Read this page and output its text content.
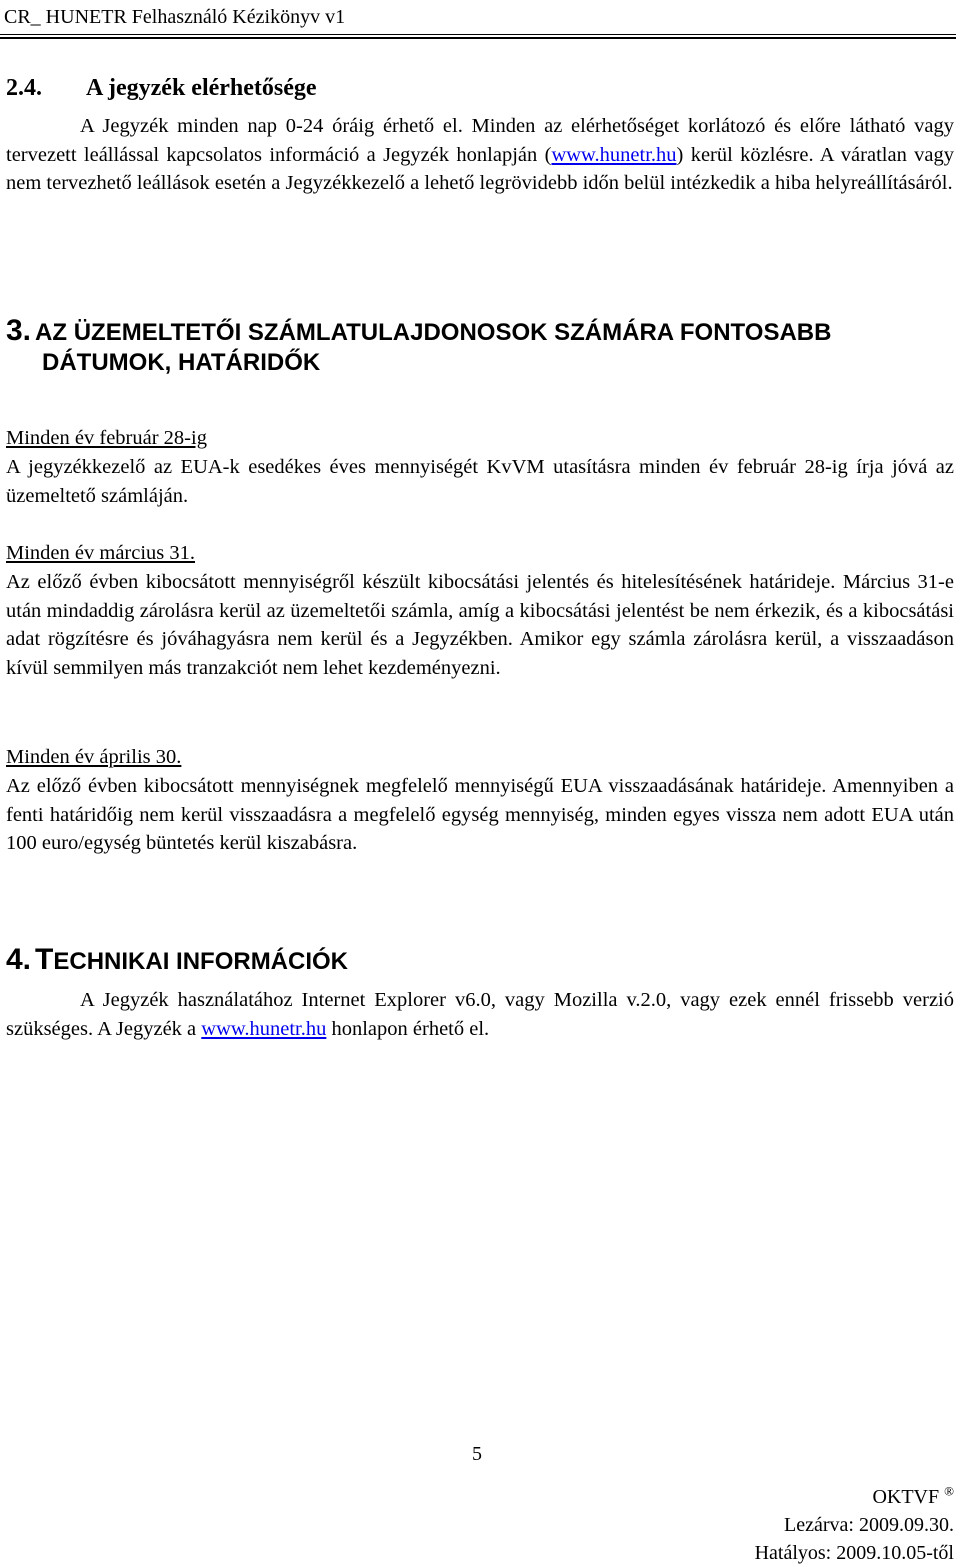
CR_ HUNETR Felhasználó Kézikönyv v1
2.4. A jegyzék elérhetősége
A Jegyzék minden nap 0-24 óráig érhető el. Minden az elérhetőséget korlátozó és előre látható vagy tervezett leállással kapcsolatos információ a Jegyzék honlapján (www.hunetr.hu) kerül közlésre. A váratlan vagy nem tervezhető leállások esetén a Jegyzékkezelő a lehető legrövidebb időn belül intézkedik a hiba helyreállításáról.
3. AZ ÜZEMELTETŐI SZÁMLATULAJDONOSOK SZÁMÁRA FONTOSABB
DÁTUMOK, HATÁRIDŐK
Minden év február 28-ig
A jegyzékkezelő az EUA-k esedékes éves mennyiségét KvVM utasításra minden év február 28-ig írja jóvá az üzemeltető számláján.
Minden év március 31.
Az előző évben kibocsátott mennyiségről készült kibocsátási jelentés és hitelesítésének határideje. Március 31-e után mindaddig zárolásra kerül az üzemeltetői számla, amíg a kibocsátási jelentést be nem érkezik, és a kibocsátási adat rögzítésre és jóváhagyásra nem kerül és a Jegyzékben. Amikor egy számla zárolásra kerül, a visszaadáson kívül semmilyen más tranzakciót nem lehet kezdeményezni.
Minden év április 30.
Az előző évben kibocsátott mennyiségnek megfelelő mennyiségű EUA visszaadásának határideje. Amennyiben a fenti határidőig nem kerül visszaadásra a megfelelő egység mennyiség, minden egyes vissza nem adott EUA után 100 euro/egység büntetés kerül kiszabásra.
4. TECHNIKAI INFORMÁCIÓK
A Jegyzék használatához Internet Explorer v6.0, vagy Mozilla v.2.0, vagy ezek ennél frissebb verzió szükséges. A Jegyzék a www.hunetr.hu honlapon érhető el.
5
OKTVF ®
Lezárva: 2009.09.30.
Hatályos: 2009.10.05-től
